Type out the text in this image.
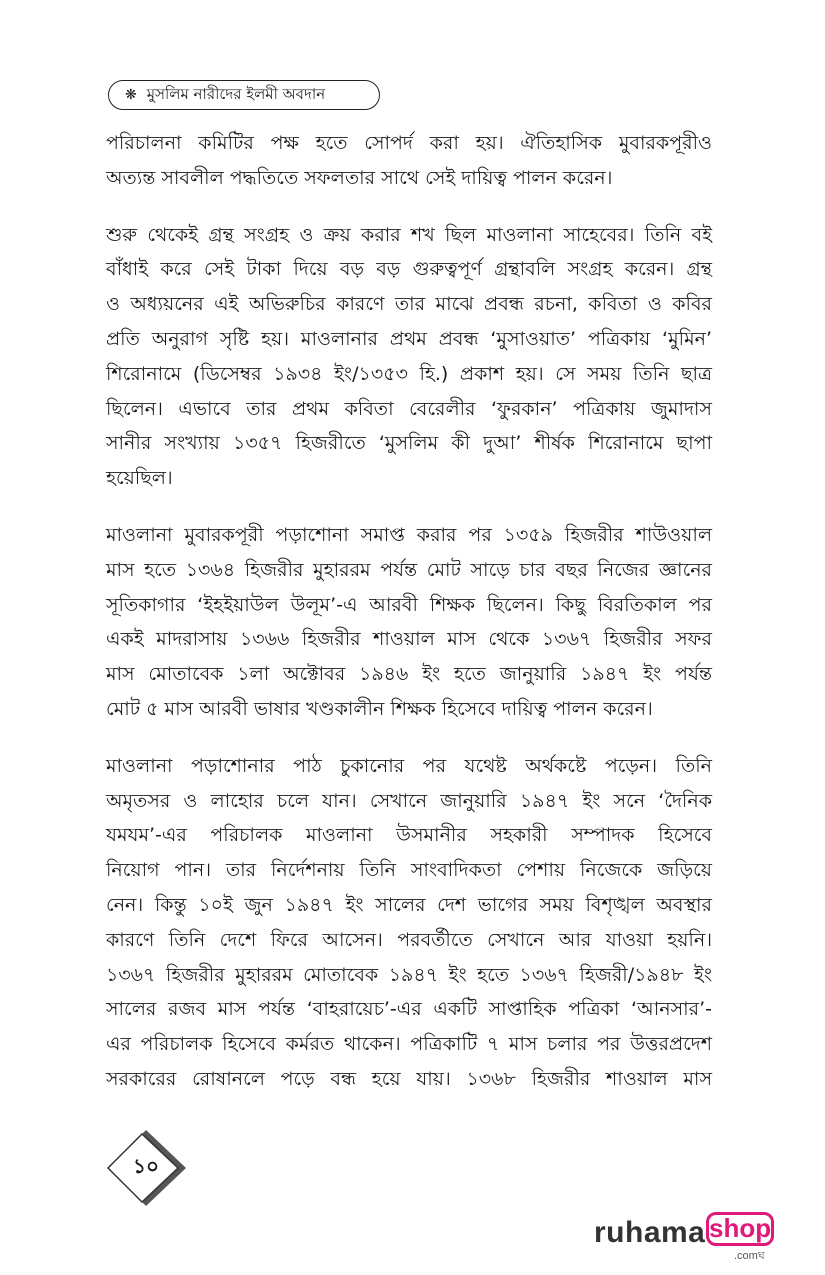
❋ মুসলিম নারীদের ইলমী অবদান

পরিচালনা কমিটির পক্ষ হতে সোপর্দ করা হয়। ঐতিহাসিক মুবারকপূরীও
অত্যন্ত সাবলীল পদ্ধতিতে সফলতার সাথে সেই দায়িত্ব পালন করেন।

শুরু থেকেই গ্রন্থ সংগ্রহ ও ক্রয় করার শখ ছিল মাওলানা সাহেবের। তিনি বই
বাঁধাই করে সেই টাকা দিয়ে বড় বড় গুরুত্বপূর্ণ গ্রন্থাবলি সংগ্রহ করেন। গ্রন্থ
ও অধ্যয়নের এই অভিরুচির কারণে তার মাঝে প্রবন্ধ রচনা, কবিতা ও কবির
প্রতি অনুরাগ সৃষ্টি হয়। মাওলানার প্রথম প্রবন্ধ ‘মুসাওয়াত’ পত্রিকায় ‘মুমিন’
শিরোনামে (ডিসেম্বর ১৯৩৪ ইং/১৩৫৩ হি.) প্রকাশ হয়। সে সময় তিনি ছাত্র
ছিলেন। এভাবে তার প্রথম কবিতা বেরেলীর ‘ফুরকান’ পত্রিকায় জুমাদাস
সানীর সংখ্যায় ১৩৫৭ হিজরীতে ‘মুসলিম কী দুআ’ শীর্ষক শিরোনামে ছাপা
হয়েছিল।

মাওলানা মুবারকপূরী পড়াশোনা সমাপ্ত করার পর ১৩৫৯ হিজরীর শাউওয়াল
মাস হতে ১৩৬৪ হিজরীর মুহাররম পর্যন্ত মোট সাড়ে চার বছর নিজের জ্ঞানের
সূতিকাগার ‘ইহইয়াউল উলূম’-এ আরবী শিক্ষক ছিলেন। কিছু বিরতিকাল পর
একই মাদরাসায় ১৩৬৬ হিজরীর শাওয়াল মাস থেকে ১৩৬৭ হিজরীর সফর
মাস মোতাবেক ১লা অক্টোবর ১৯৪৬ ইং হতে জানুয়ারি ১৯৪৭ ইং পর্যন্ত
মোট ৫ মাস আরবী ভাষার খণ্ডকালীন শিক্ষক হিসেবে দায়িত্ব পালন করেন।

মাওলানা পড়াশোনার পাঠ চুকানোর পর যথেষ্ট অর্থকষ্টে পড়েন। তিনি
অমৃতসর ও লাহোর চলে যান। সেখানে জানুয়ারি ১৯৪৭ ইং সনে ‘দৈনিক
যমযম’-এর পরিচালক মাওলানা উসমানীর সহকারী সম্পাদক হিসেবে
নিয়োগ পান। তার নির্দেশনায় তিনি সাংবাদিকতা পেশায় নিজেকে জড়িয়ে
নেন। কিন্তু ১০ই জুন ১৯৪৭ ইং সালের দেশ ভাগের সময় বিশৃঙ্খল অবস্থার
কারণে তিনি দেশে ফিরে আসেন। পরবর্তীতে সেখানে আর যাওয়া হয়নি।
১৩৬৭ হিজরীর মুহাররম মোতাবেক ১৯৪৭ ইং হতে ১৩৬৭ হিজরী/১৯৪৮ ইং
সালের রজব মাস পর্যন্ত ‘বাহরায়েচ’-এর একটি সাপ্তাহিক পত্রিকা ‘আনসার’-
এর পরিচালক হিসেবে কর্মরত থাকেন। পত্রিকাটি ৭ মাস চলার পর উত্তরপ্রদেশ
সরকারের রোষানলে পড়ে বন্ধ হয়ে যায়। ১৩৬৮ হিজরীর শাওয়াল মাস

১০
ruhama shop
.comঘ
